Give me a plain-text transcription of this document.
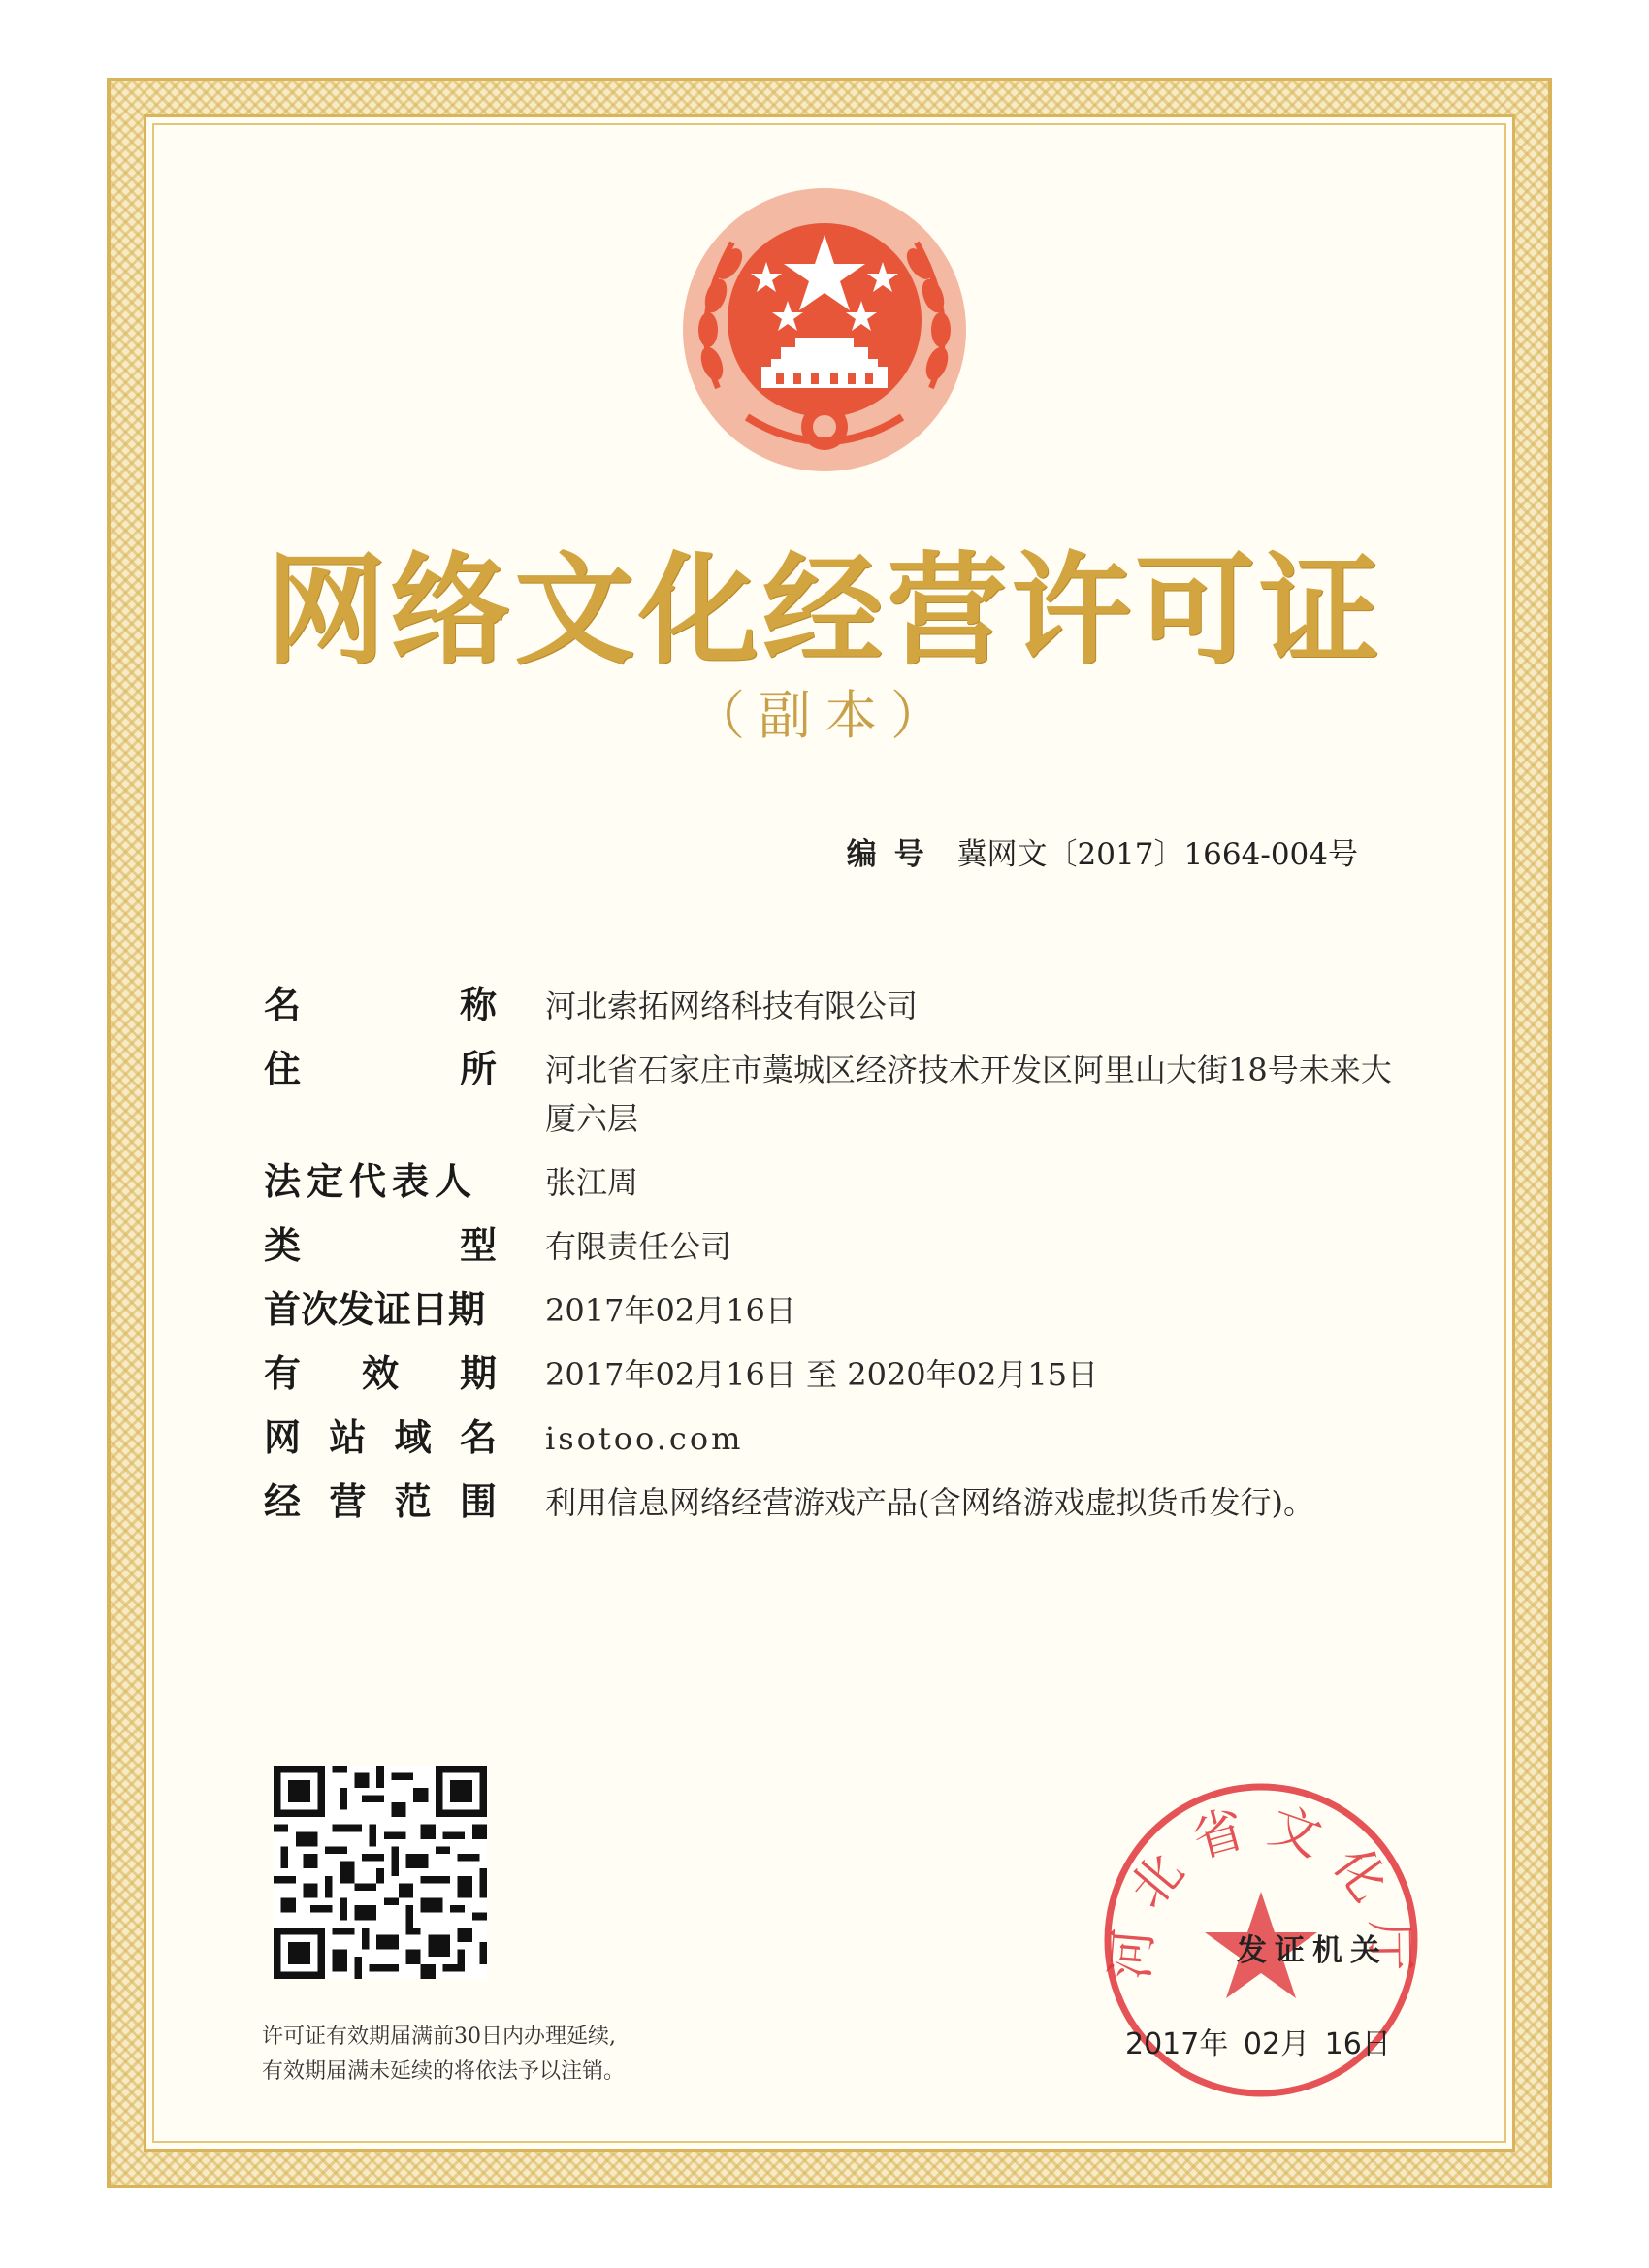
网络文化经营许可证
（副本）
编号 冀网文〔2017〕1664-004号
名	称 河北索拓网络科技有限公司
住	所 河北省石家庄市藁城区经济技术开发区阿里山大街18号未来大厦六层
法定代表人	张江周
类	型 有限责任公司
首次发证日期	2017年02月16日
有 效 期 2017年02月16日 至 2020年02月15日
网 站 域 名 isotoo.com
经 营 范 围 利用信息网络经营游戏产品(含网络游戏虚拟货币发行)。
许可证有效期届满前30日内办理延续,
有效期届满未延续的将依法予以注销。
河北省文化厅
发证机关
2017年 02月 16日
